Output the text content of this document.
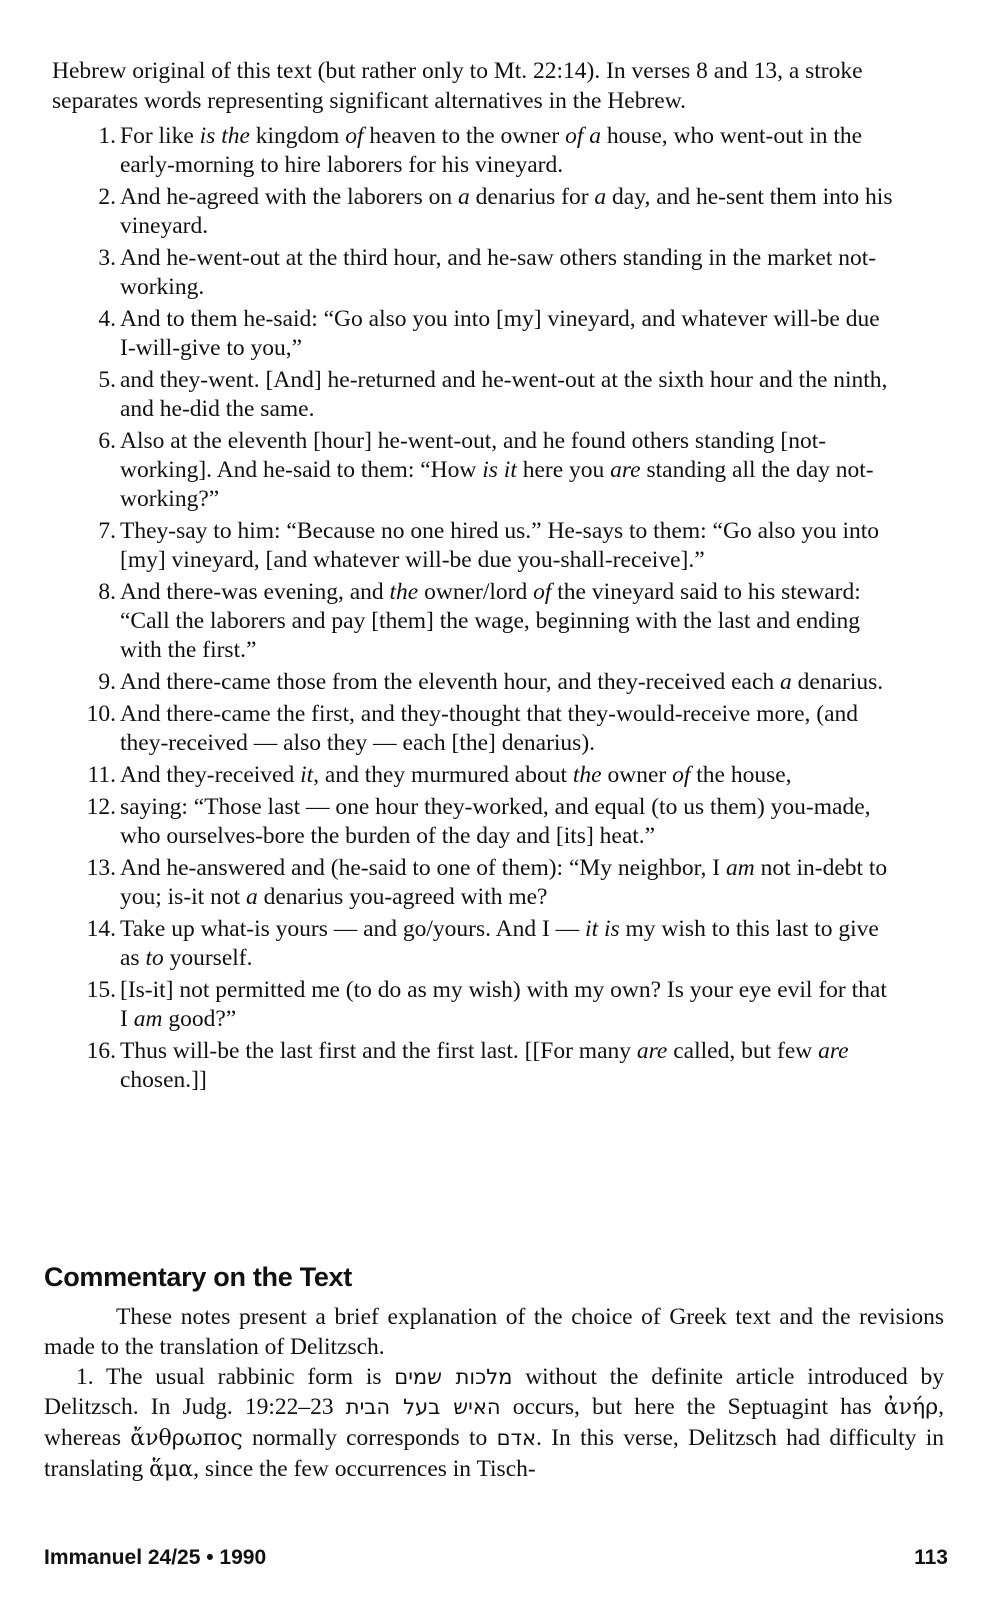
Hebrew original of this text (but rather only to Mt. 22:14). In verses 8 and 13, a stroke separates words representing significant alternatives in the Hebrew.

1. For like is the kingdom of heaven to the owner of a house, who went-out in the early-morning to hire laborers for his vineyard.
2. And he-agreed with the laborers on a denarius for a day, and he-sent them into his vineyard.
3. And he-went-out at the third hour, and he-saw others standing in the market not-working.
4. And to them he-said: “Go also you into [my] vineyard, and whatever will-be due I-will-give to you,”
5. and they-went. [And] he-returned and he-went-out at the sixth hour and the ninth, and he-did the same.
6. Also at the eleventh [hour] he-went-out, and he found others standing [not-working]. And he-said to them: “How is it here you are standing all the day not-working?”
7. They-say to him: “Because no one hired us.” He-says to them: “Go also you into [my] vineyard, [and whatever will-be due you-shall-receive].”
8. And there-was evening, and the owner/lord of the vineyard said to his steward: “Call the laborers and pay [them] the wage, beginning with the last and ending with the first.”
9. And there-came those from the eleventh hour, and they-received each a denarius.
10. And there-came the first, and they-thought that they-would-receive more, (and they-received — also they — each [the] denarius).
11. And they-received it, and they murmured about the owner of the house,
12. saying: “Those last — one hour they-worked, and equal (to us them) you-made, who ourselves-bore the burden of the day and [its] heat.”
13. And he-answered and (he-said to one of them): “My neighbor, I am not in-debt to you; is-it not a denarius you-agreed with me?
14. Take up what-is yours — and go/yours. And I — it is my wish to this last to give as to yourself.
15. [Is-it] not permitted me (to do as my wish) with my own? Is your eye evil for that I am good?”
16. Thus will-be the last first and the first last. [[For many are called, but few are chosen.]]
Commentary on the Text

These notes present a brief explanation of the choice of Greek text and the revisions made to the translation of Delitzsch.

1. The usual rabbinic form is מלכות שמים without the definite article introduced by Delitzsch. In Judg. 19:22–23 האיש בעל הבית occurs, but here the Septuagint has ἀνήρ, whereas ἄνθρωπος normally corresponds to אדם. In this verse, Delitzsch had difficulty in translating ἅμα, since the few occurrences in Tisch-

Immanuel 24/25 • 1990	113
